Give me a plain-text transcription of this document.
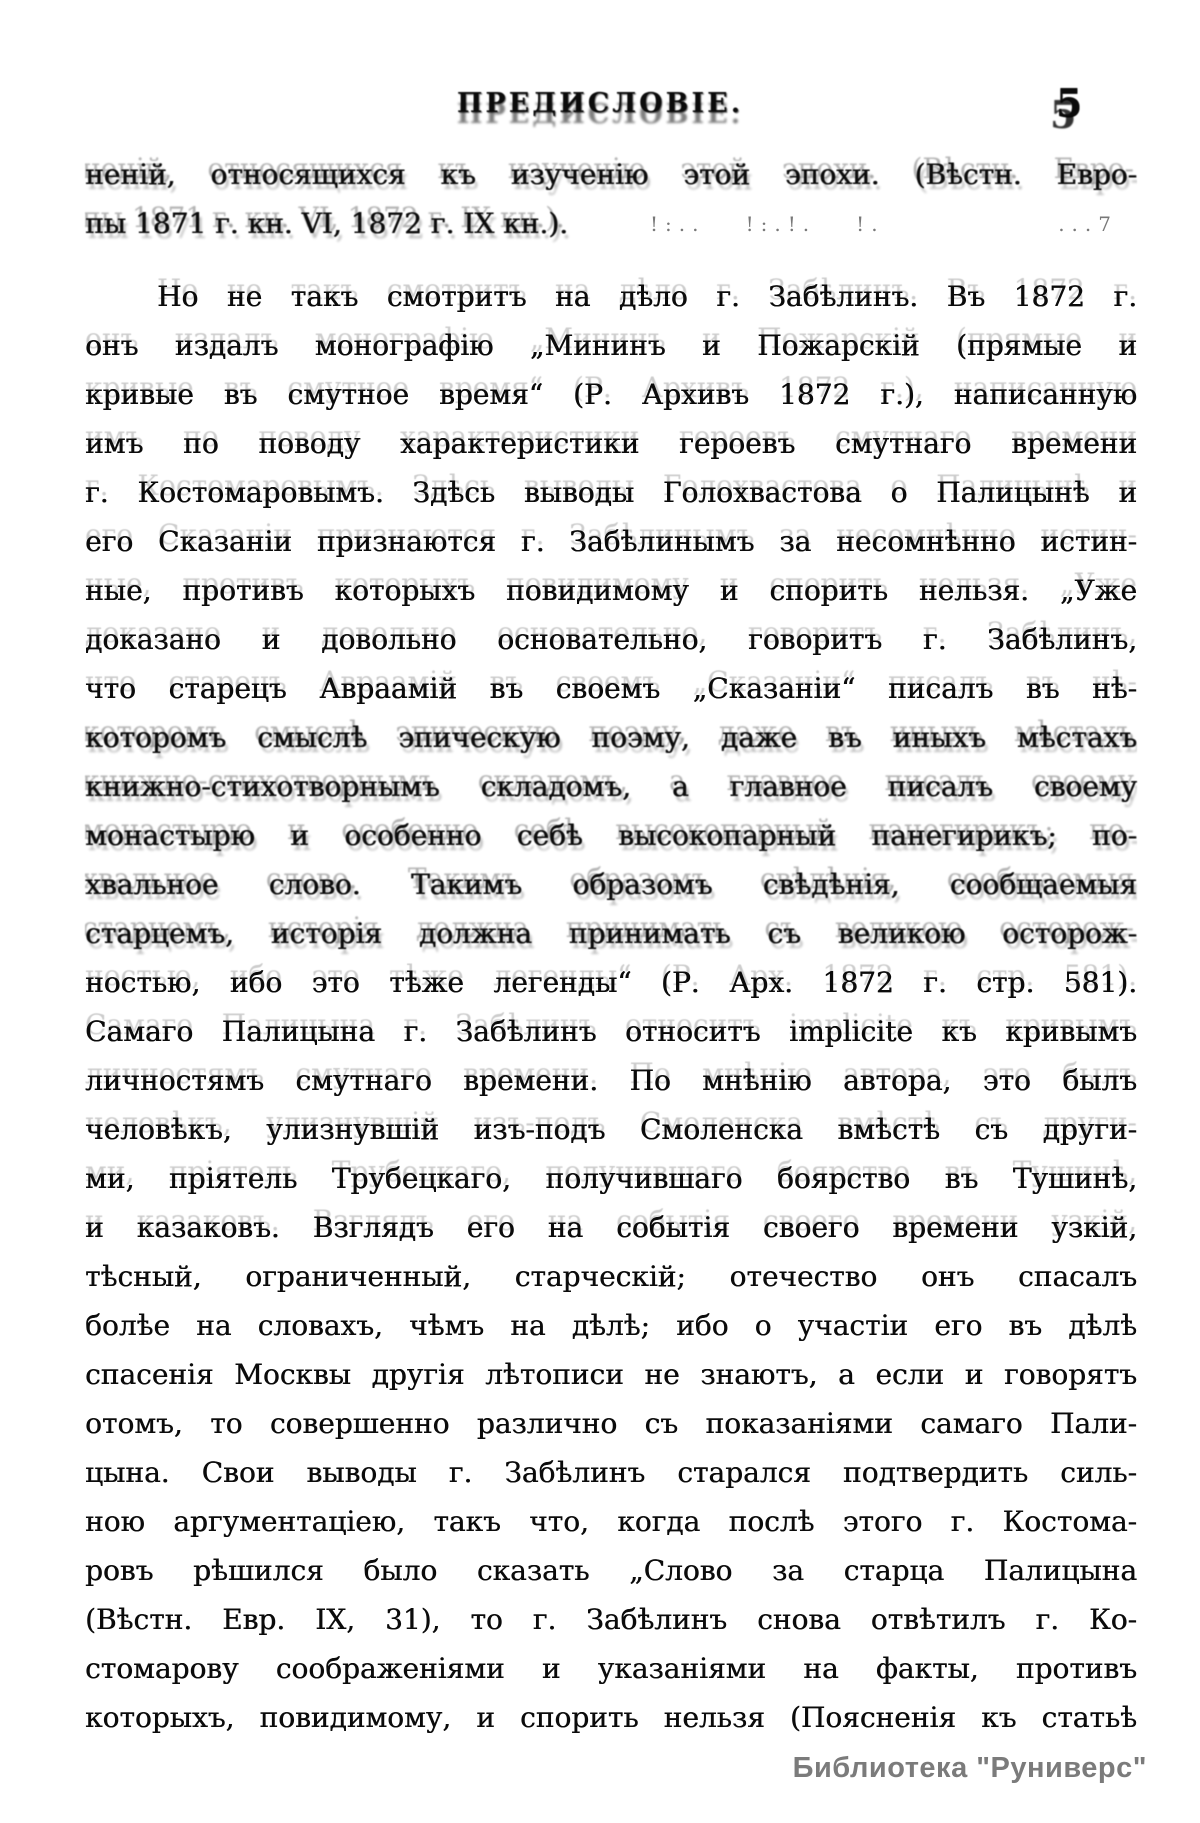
ПРЕДИСЛОВІЕ.	5
неній, относящихся къ изученію этой эпохи. (Вѣстн. Евро-
пы 1871 г. кн. VI, 1872 г. IX кн.).
Но не такъ смотритъ на дѣло г. Забѣлинъ. Въ 1872 г.
онъ издалъ монографію „Мининъ и Пожарскій (прямые и
кривые въ смутное время“ (Р. Архивъ 1872 г.), написанную
имъ по поводу характеристики героевъ смутнаго времени
г. Костомаровымъ. Здѣсь выводы Голохвастова о Палицынѣ и
его Сказаніи признаются г. Забѣлинымъ за несомнѣнно истин-
ные, противъ которыхъ повидимому и спорить нельзя. „Уже
доказано и довольно основательно, говоритъ г. Забѣлинъ,
что старецъ Авраамій въ своемъ „Сказаніи“ писалъ въ нѣ-
которомъ смыслѣ эпическую поэму, даже въ иныхъ мѣстахъ
книжно-стихотворнымъ складомъ, а главное писалъ своему
монастырю и особенно себѣ высокопарный панегирикъ; по-
хвальное слово. Такимъ образомъ свѣдѣнія, сообщаемыя
старцемъ, исторія должна принимать съ великою осторож-
ностью, ибо это тѣже легенды“ (Р. Арх. 1872 г. стр. 581).
Самаго Палицына г. Забѣлинъ относитъ implicite къ кривымъ
личностямъ смутнаго времени. По мнѣнію автора, это былъ
человѣкъ, улизнувшій изъ-подъ Смоленска вмѣстѣ съ други-
ми, пріятель Трубецкаго, получившаго боярство въ Тушинѣ,
и казаковъ. Взглядъ его на событія своего времени узкій,
тѣсный, ограниченный, старческій; отечество онъ спасалъ
болѣе на словахъ, чѣмъ на дѣлѣ; ибо о участіи его въ дѣлѣ
спасенія Москвы другія лѣтописи не знаютъ, а если и говорятъ
отомъ, то совершенно различно съ показаніями самаго Пали-
цына. Свои выводы г. Забѣлинъ старался подтвердить силь-
ною аргументаціею, такъ что, когда послѣ этого г. Костома-
ровъ рѣшился было сказать „Слово за старца Палицына
(Вѣстн. Евр. IX, 31), то г. Забѣлинъ снова отвѣтилъ г. Ко-
стомарову соображеніями и указаніями на факты, противъ
которыхъ, повидимому, и спорить нельзя (Поясненія къ статьѣ
!:..   !:.!.   !.             ...7
Библиотека "Руниверс"
